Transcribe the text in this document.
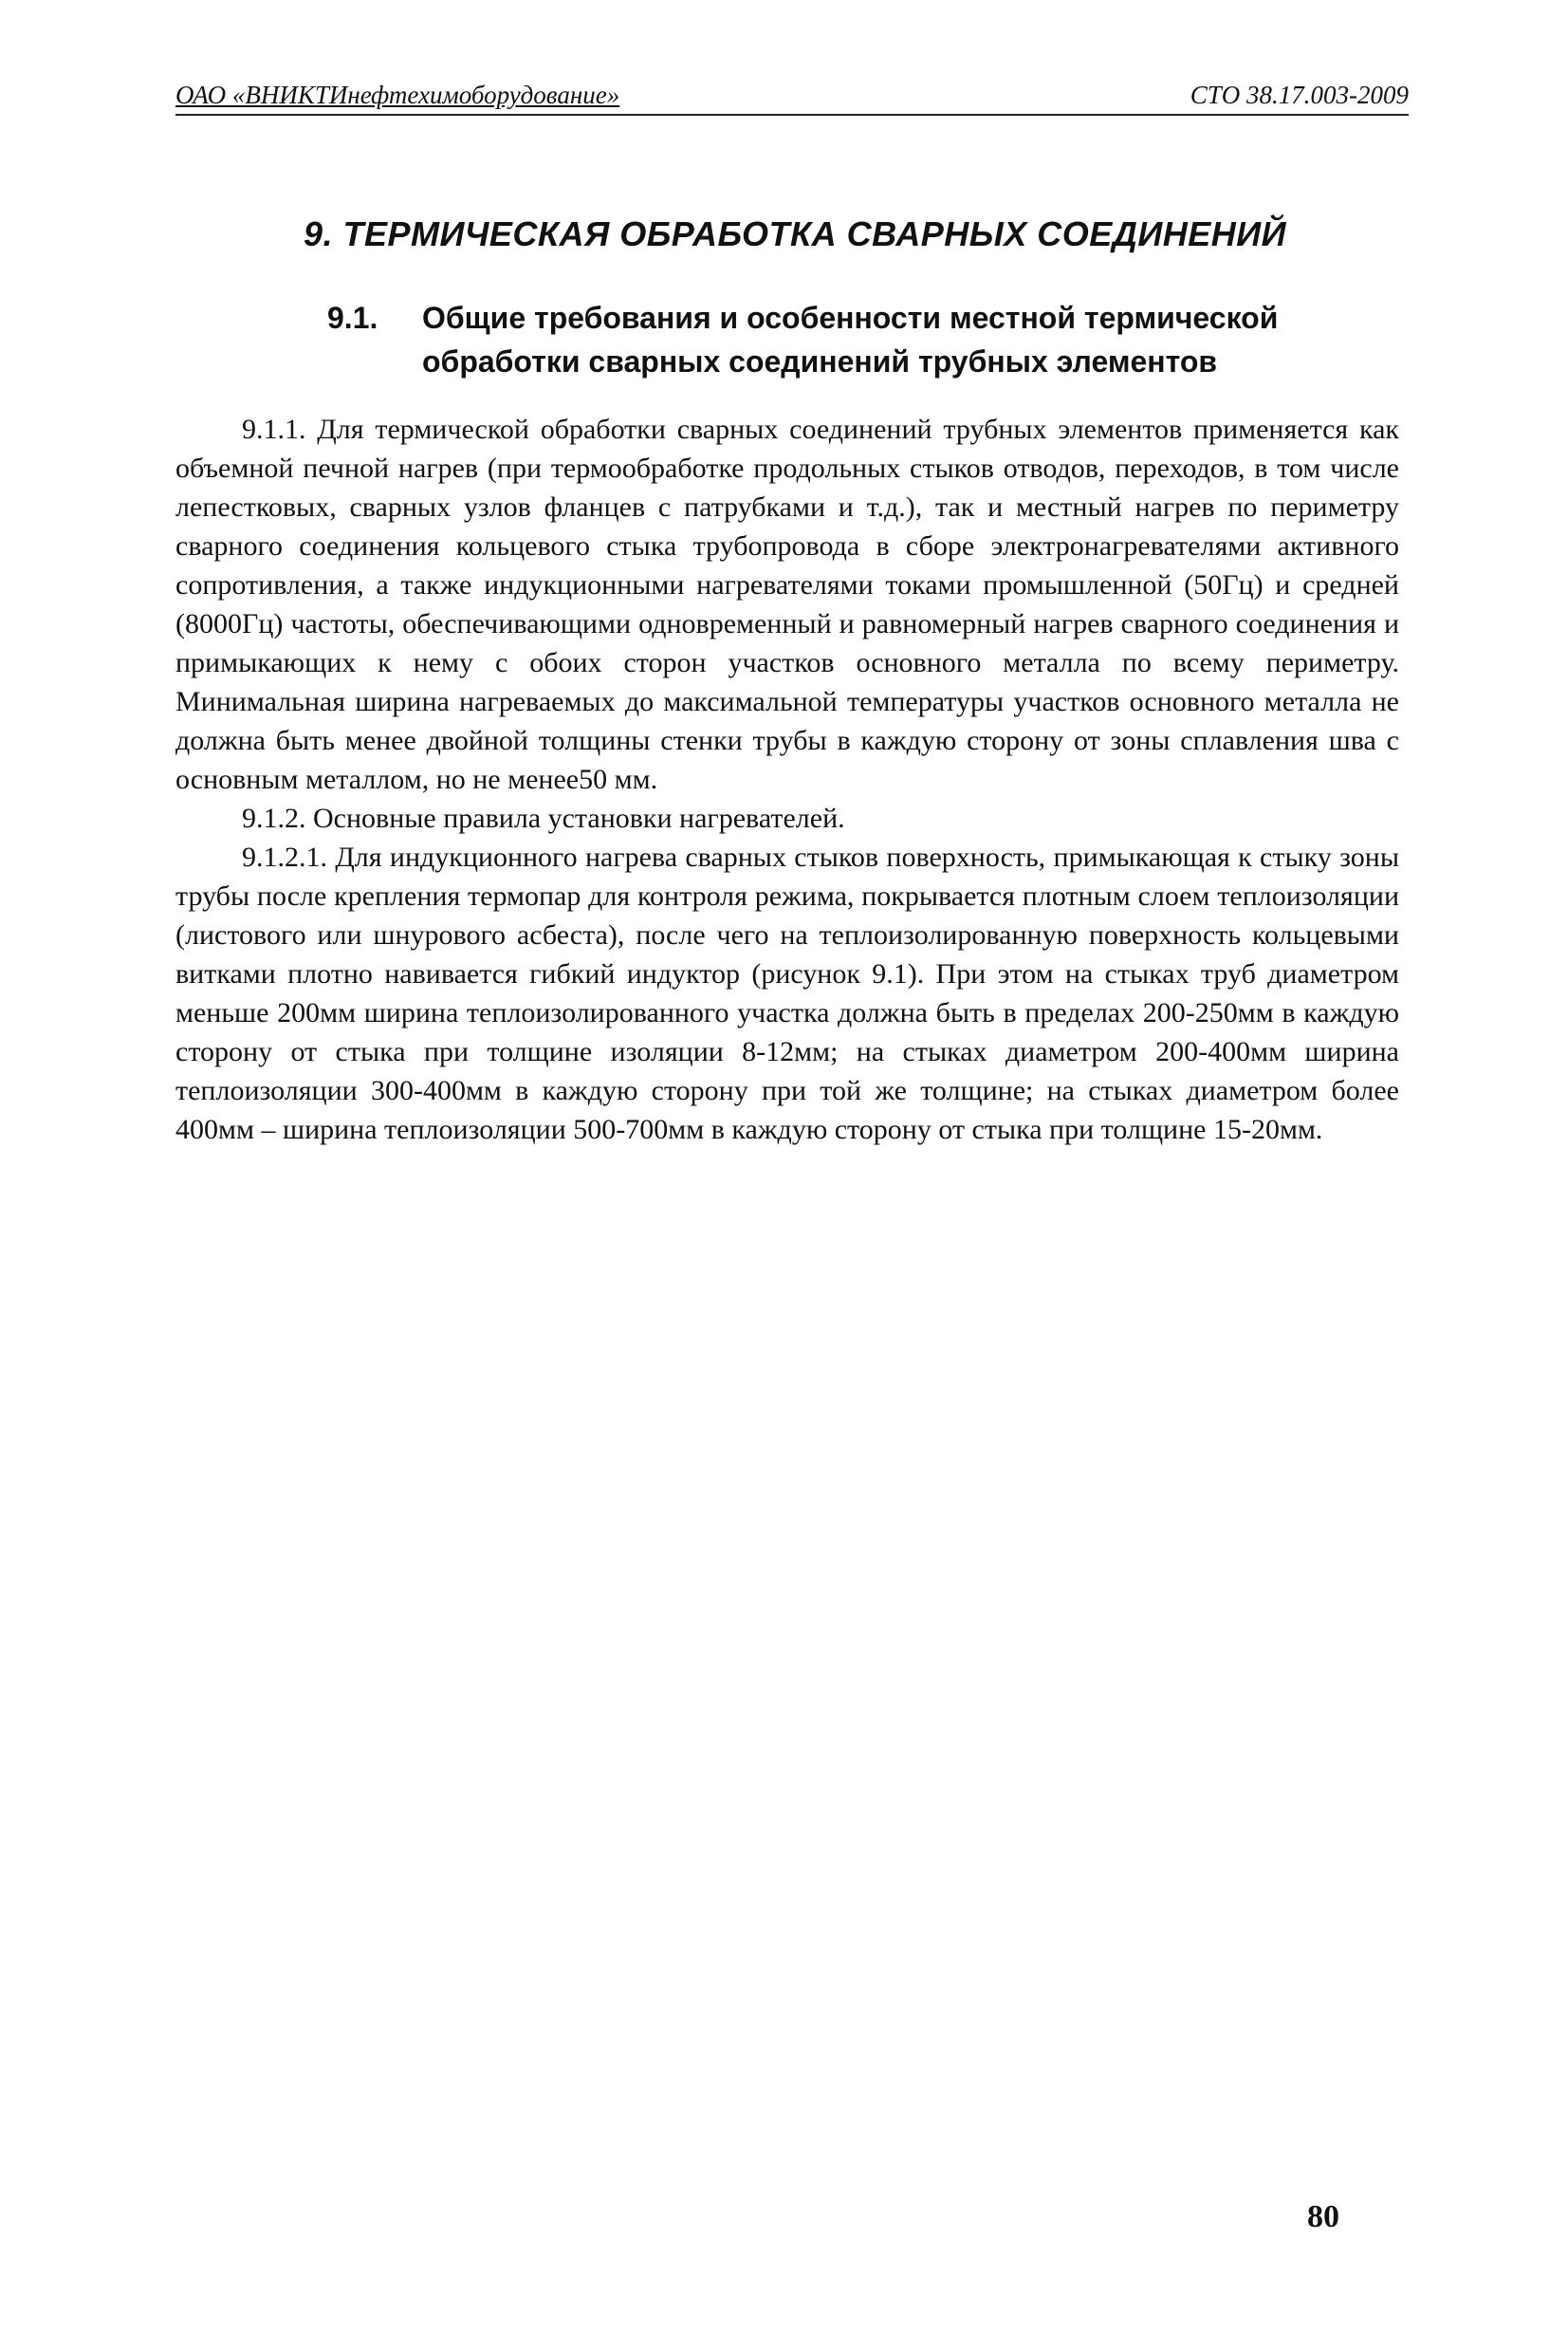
ОАО «ВНИКТИнефтехимоборудование»	СТО 38.17.003-2009
9. ТЕРМИЧЕСКАЯ ОБРАБОТКА СВАРНЫХ СОЕДИНЕНИЙ
9.1. Общие требования и особенности местной термической обработки сварных соединений трубных элементов

9.1.1. Для термической обработки сварных соединений трубных элементов применяется как объемной печной нагрев (при термообработке продольных стыков отводов, переходов, в том числе лепестковых, сварных узлов фланцев с патрубками и т.д.), так и местный нагрев по периметру сварного соединения кольцевого стыка трубопровода в сборе электронагревателями активного сопротивления, а также индукционными нагревателями токами промышленной (50Гц) и средней (8000Гц) частоты, обеспечивающими одновременный и равномерный нагрев сварного соединения и примыкающих к нему с обоих сторон участков основного металла по всему периметру. Минимальная ширина нагреваемых до максимальной температуры участков основного металла не должна быть менее двойной толщины стенки трубы в каждую сторону от зоны сплавления шва с основным металлом, но не менее50 мм.

9.1.2. Основные правила установки нагревателей.

9.1.2.1. Для индукционного нагрева сварных стыков поверхность, примыкающая к стыку зоны трубы после крепления термопар для контроля режима, покрывается плотным слоем теплоизоляции (листового или шнурового асбеста), после чего на теплоизолированную поверхность кольцевыми витками плотно навивается гибкий индуктор (рисунок 9.1). При этом на стыках труб диаметром меньше 200мм ширина теплоизолированного участка должна быть в пределах 200-250мм в каждую сторону от стыка при толщине изоляции 8-12мм; на стыках диаметром 200-400мм ширина теплоизоляции 300-400мм в каждую сторону при той же толщине; на стыках диаметром более 400мм – ширина теплоизоляции 500-700мм в каждую сторону от стыка при толщине 15-20мм.

80
